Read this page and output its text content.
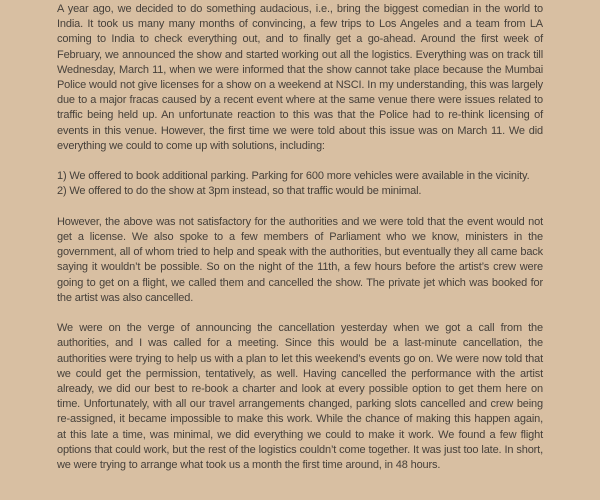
A year ago, we decided to do something audacious, i.e., bring the biggest comedian in the world to India. It took us many many months of convincing, a few trips to Los Angeles and a team from LA coming to India to check everything out, and to finally get a go-ahead. Around the first week of February, we announced the show and started working out all the logistics. Everything was on track till Wednesday, March 11, when we were informed that the show cannot take place because the Mumbai Police would not give licenses for a show on a weekend at NSCI. In my understanding, this was largely due to a major fracas caused by a recent event where at the same venue there were issues related to traffic being held up. An unfortunate reaction to this was that the Police had to re-think licensing of events in this venue. However, the first time we were told about this issue was on March 11. We did everything we could to come up with solutions, including:

1) We offered to book additional parking. Parking for 600 more vehicles were available in the vicinity.

2) We offered to do the show at 3pm instead, so that traffic would be minimal.

However, the above was not satisfactory for the authorities and we were told that the event would not get a license. We also spoke to a few members of Parliament who we know, ministers in the government, all of whom tried to help and speak with the authorities, but eventually they all came back saying it wouldn’t be possible. So on the night of the 11th, a few hours before the artist’s crew were going to get on a flight, we called them and cancelled the show. The private jet which was booked for the artist was also cancelled.

We were on the verge of announcing the cancellation yesterday when we got a call from the authorities, and I was called for a meeting. Since this would be a last-minute cancellation, the authorities were trying to help us with a plan to let this weekend’s events go on. We were now told that we could get the permission, tentatively, as well. Having cancelled the performance with the artist already, we did our best to re-book a charter and look at every possible option to get them here on time. Unfortunately, with all our travel arrangements changed, parking slots cancelled and crew being re-assigned, it became impossible to make this work. While the chance of making this happen again, at this late a time, was minimal, we did everything we could to make it work. We found a few flight options that could work, but the rest of the logistics couldn’t come together. It was just too late. In short, we were trying to arrange what took us a month the first time around, in 48 hours.
